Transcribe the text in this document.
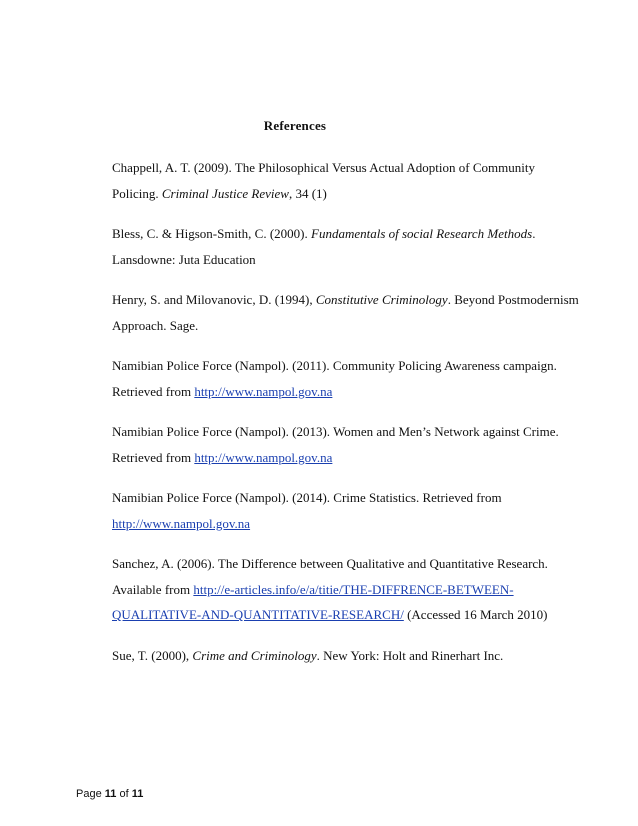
References

Chappell, A. T. (2009). The Philosophical Versus Actual Adoption of Community Policing. Criminal Justice Review, 34 (1)

Bless, C. & Higson-Smith, C. (2000). Fundamentals of social Research Methods. Lansdowne: Juta Education

Henry, S. and Milovanovic, D. (1994), Constitutive Criminology. Beyond Postmodernism Approach. Sage.

Namibian Police Force (Nampol). (2011). Community Policing Awareness campaign. Retrieved from http://www.nampol.gov.na

Namibian Police Force (Nampol). (2013). Women and Men’s Network against Crime. Retrieved from http://www.nampol.gov.na

Namibian Police Force (Nampol). (2014). Crime Statistics. Retrieved from http://www.nampol.gov.na

Sanchez, A. (2006). The Difference between Qualitative and Quantitative Research. Available from http://e-articles.info/e/a/titie/THE-DIFFRENCE-BETWEEN-QUALITATIVE-AND-QUANTITATIVE-RESEARCH/ (Accessed 16 March 2010)

Sue, T. (2000), Crime and Criminology. New York: Holt and Rinerhart Inc.

Page 11 of 11
